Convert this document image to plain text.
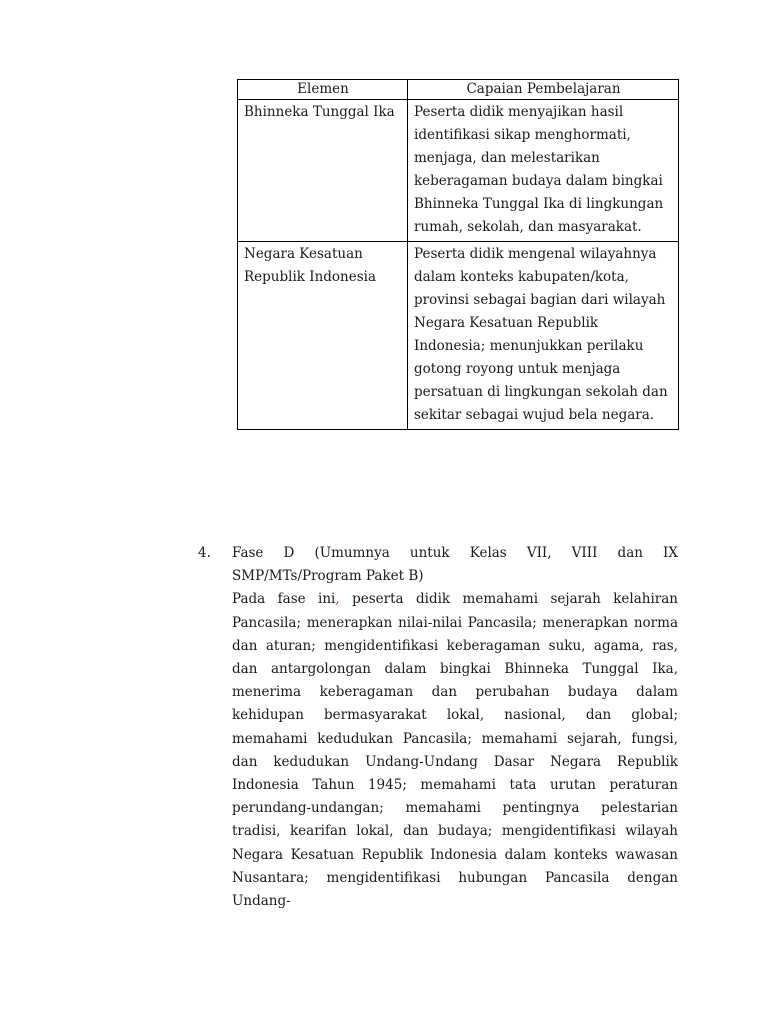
Elemen	Capaian Pembelajaran
Bhinneka Tunggal Ika	Peserta didik menyajikan hasil identifikasi sikap menghormati, menjaga, dan melestarikan keberagaman budaya dalam bingkai Bhinneka Tunggal Ika di lingkungan rumah, sekolah, dan masyarakat.
Negara Kesatuan Republik Indonesia	Peserta didik mengenal wilayahnya dalam konteks kabupaten/kota, provinsi sebagai bagian dari wilayah Negara Kesatuan Republik Indonesia; menunjukkan perilaku gotong royong untuk menjaga persatuan di lingkungan sekolah dan sekitar sebagai wujud bela negara.
4. Fase D (Umumnya untuk Kelas VII, VIII dan IX SMP/MTs/Program Paket B)

Pada fase ini, peserta didik memahami sejarah kelahiran Pancasila; menerapkan nilai-nilai Pancasila; menerapkan norma dan aturan; mengidentifikasi keberagaman suku, agama, ras, dan antargolongan dalam bingkai Bhinneka Tunggal Ika, menerima keberagaman dan perubahan budaya dalam kehidupan bermasyarakat lokal, nasional, dan global; memahami kedudukan Pancasila; memahami sejarah, fungsi, dan kedudukan Undang-Undang Dasar Negara Republik Indonesia Tahun 1945; memahami tata urutan peraturan perundang-undangan; memahami pentingnya pelestarian tradisi, kearifan lokal, dan budaya; mengidentifikasi wilayah Negara Kesatuan Republik Indonesia dalam konteks wawasan Nusantara; mengidentifikasi hubungan Pancasila dengan Undang-
